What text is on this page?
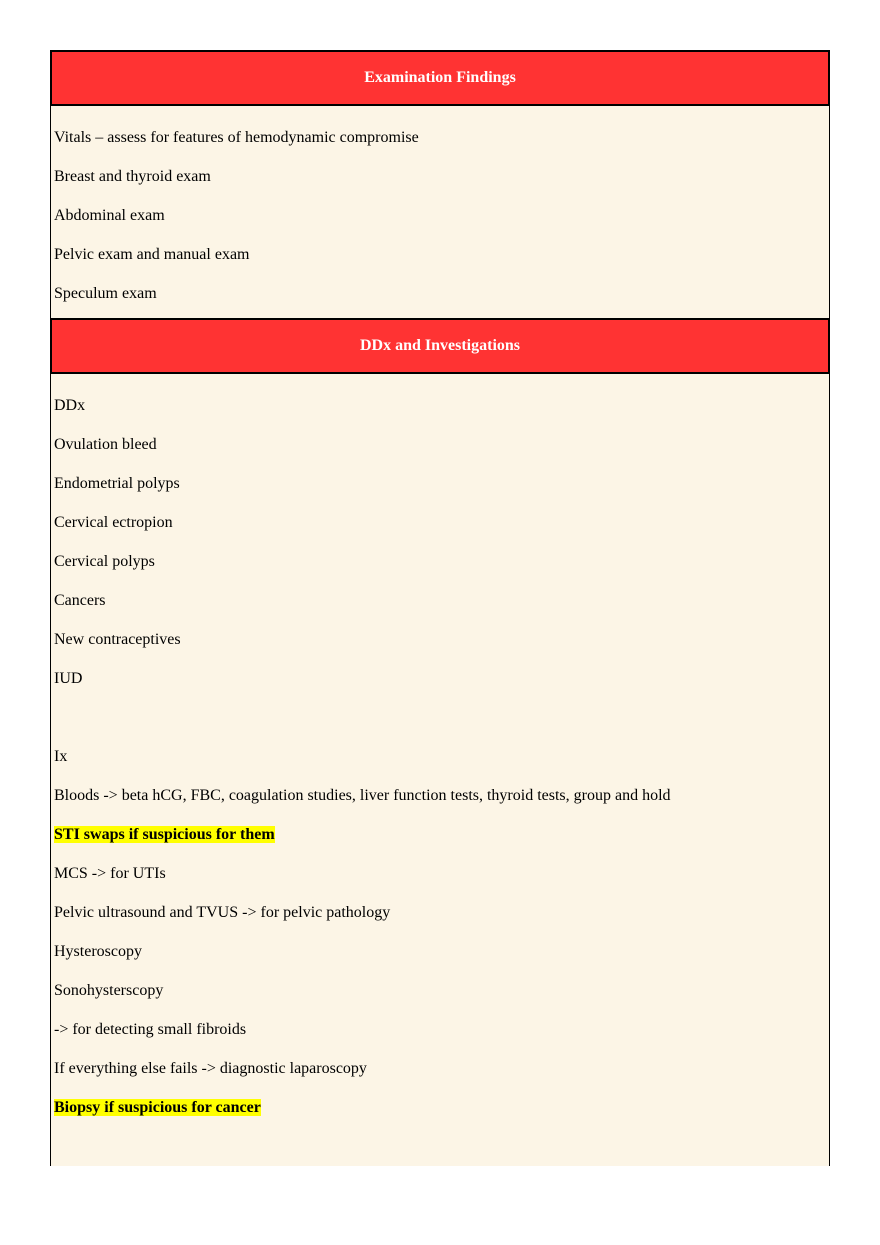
Examination Findings
Vitals – assess for features of hemodynamic compromise
Breast and thyroid exam
Abdominal exam
Pelvic exam and manual exam
Speculum exam
DDx and Investigations
DDx
Ovulation bleed
Endometrial polyps
Cervical ectropion
Cervical polyps
Cancers
New contraceptives
IUD
Ix
Bloods -> beta hCG, FBC, coagulation studies, liver function tests, thyroid tests, group and hold
STI swaps if suspicious for them
MCS -> for UTIs
Pelvic ultrasound and TVUS -> for pelvic pathology
Hysteroscopy
Sonohysterscopy
-> for detecting small fibroids
If everything else fails -> diagnostic laparoscopy
Biopsy if suspicious for cancer
